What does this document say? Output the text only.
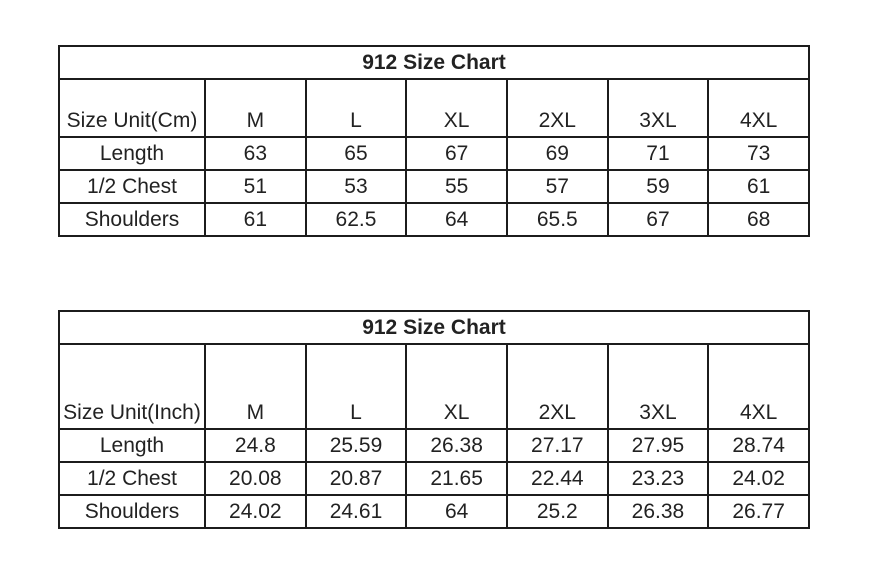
912 Size Chart						
Size Unit(Cm)	M	L	XL	2XL	3XL	4XL
Length	63	65	67	69	71	73
1/2 Chest	51	53	55	57	59	61
Shoulders	61	62.5	64	65.5	67	68
912 Size Chart						
Size Unit(Inch)	M	L	XL	2XL	3XL	4XL
Length	24.8	25.59	26.38	27.17	27.95	28.74
1/2 Chest	20.08	20.87	21.65	22.44	23.23	24.02
Shoulders	24.02	24.61	64	25.2	26.38	26.77
